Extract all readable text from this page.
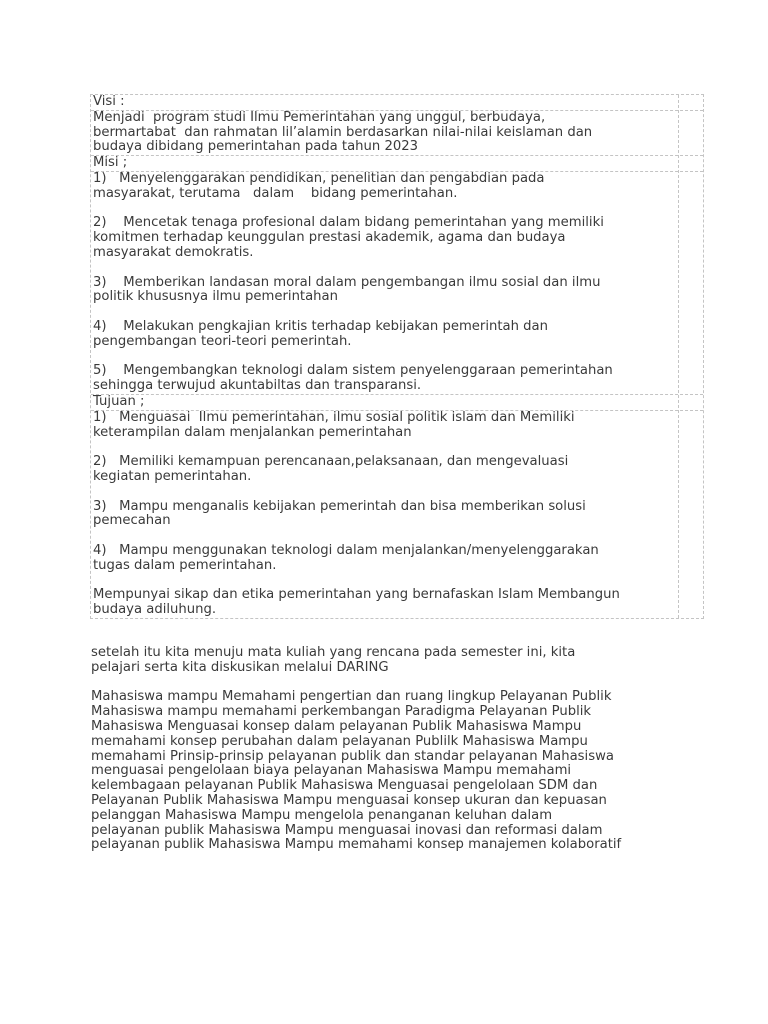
Visi :
Menjadi  program studi Ilmu Pemerintahan yang unggul, berbudaya,
bermartabat  dan rahmatan lil’alamin berdasarkan nilai-nilai keislaman dan
budaya dibidang pemerintahan pada tahun 2023
Misi ;

1)   Menyelenggarakan pendidikan, penelitian dan pengabdian pada
masyarakat, terutama   dalam    bidang pemerintahan.

2)    Mencetak tenaga profesional dalam bidang pemerintahan yang memiliki
komitmen terhadap keunggulan prestasi akademik, agama dan budaya
masyarakat demokratis.

3)    Memberikan landasan moral dalam pengembangan ilmu sosial dan ilmu
politik khususnya ilmu pemerintahan

4)    Melakukan pengkajian kritis terhadap kebijakan pemerintah dan
pengembangan teori-teori pemerintah.

5)    Mengembangkan teknologi dalam sistem penyelenggaraan pemerintahan
sehingga terwujud akuntabiltas dan transparansi.

Tujuan ;

1)   Menguasai  Ilmu pemerintahan, ilmu sosial politik islam dan Memiliki
keterampilan dalam menjalankan pemerintahan

2)   Memiliki kemampuan perencanaan,pelaksanaan, dan mengevaluasi
kegiatan pemerintahan.

3)   Mampu menganalis kebijakan pemerintah dan bisa memberikan solusi
pemecahan

4)   Mampu menggunakan teknologi dalam menjalankan/menyelenggarakan
tugas dalam pemerintahan.

Mempunyai sikap dan etika pemerintahan yang bernafaskan Islam Membangun
budaya adiluhung.

setelah itu kita menuju mata kuliah yang rencana pada semester ini, kita
pelajari serta kita diskusikan melalui DARING

Mahasiswa mampu Memahami pengertian dan ruang lingkup Pelayanan Publik
Mahasiswa mampu memahami perkembangan Paradigma Pelayanan Publik
Mahasiswa Menguasai konsep dalam pelayanan Publik Mahasiswa Mampu
memahami konsep perubahan dalam pelayanan Publilk Mahasiswa Mampu
memahami Prinsip-prinsip pelayanan publik dan standar pelayanan Mahasiswa
menguasai pengelolaan biaya pelayanan Mahasiswa Mampu memahami
kelembagaan pelayanan Publik Mahasiswa Menguasai pengelolaan SDM dan
Pelayanan Publik Mahasiswa Mampu menguasai konsep ukuran dan kepuasan
pelanggan Mahasiswa Mampu mengelola penanganan keluhan dalam
pelayanan publik Mahasiswa Mampu menguasai inovasi dan reformasi dalam
pelayanan publik Mahasiswa Mampu memahami konsep manajemen kolaboratif
